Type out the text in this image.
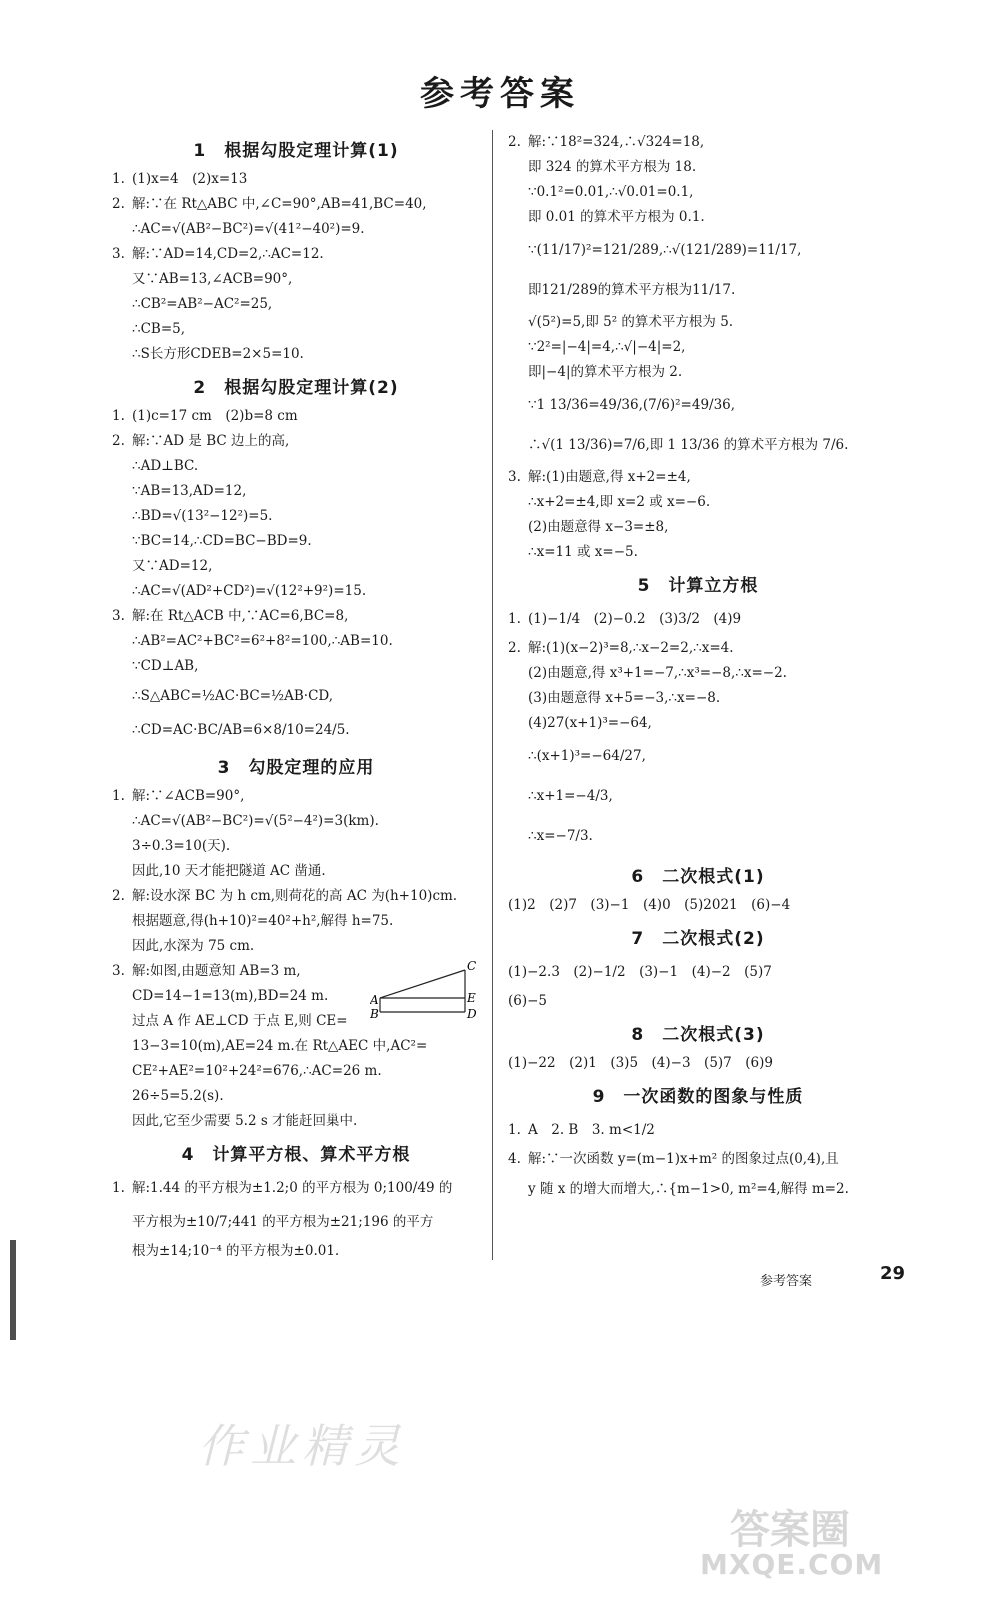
参考答案
1　根据勾股定理计算(1)
1. (1)x=4　(2)x=13
2. 解:∵在 Rt△ABC 中,∠C=90°,AB=41,BC=40,
∴AC=√(AB²−BC²)=√(41²−40²)=9.
3. 解:∵AD=14,CD=2,∴AC=12.
又∵AB=13,∠ACB=90°,
∴CB²=AB²−AC²=25,
∴CB=5,
∴S长方形CDEB=2×5=10.
2　根据勾股定理计算(2)
1. (1)c=17 cm　(2)b=8 cm
2. 解:∵AD 是 BC 边上的高,
∴AD⊥BC.
∵AB=13,AD=12,
∴BD=√(13²−12²)=5.
∵BC=14,∴CD=BC−BD=9.
又∵AD=12,
∴AC=√(AD²+CD²)=√(12²+9²)=15.
3. 解:在 Rt△ACB 中,∵AC=6,BC=8,
∴AB²=AC²+BC²=6²+8²=100,∴AB=10.
∵CD⊥AB,
∴S△ABC=½AC·BC=½AB·CD,
∴CD=AC·BC/AB=6×8/10=24/5.
3　勾股定理的应用
1. 解:∵∠ACB=90°,
∴AC=√(AB²−BC²)=√(5²−4²)=3(km).
3÷0.3=10(天).
因此,10 天才能把隧道 AC 凿通.
2. 解:设水深 BC 为 h cm,则荷花的高 AC 为(h+10)cm.
根据题意,得(h+10)²=40²+h²,解得 h=75.
因此,水深为 75 cm.
3. 解:如图,由题意知 AB=3 m,
CD=14−1=13(m),BD=24 m.
过点 A 作 AE⊥CD 于点 E,则 CE=
13−3=10(m),AE=24 m.在 Rt△AEC 中,AC²=
CE²+AE²=10²+24²=676,∴AC=26 m.
26÷5=5.2(s).
因此,它至少需要 5.2 s 才能赶回巢中.
4　计算平方根、算术平方根
1. 解:1.44 的平方根为±1.2;0 的平方根为 0;100/49 的
平方根为±10/7;441 的平方根为±21;196 的平方
根为±14;10⁻⁴ 的平方根为±0.01.
2. 解:∵18²=324,∴√324=18,
即 324 的算术平方根为 18.
∵0.1²=0.01,∴√0.01=0.1,
即 0.01 的算术平方根为 0.1.
∵(11/17)²=121/289,∴√(121/289)=11/17,
即121/289的算术平方根为11/17.
√(5²)=5,即 5² 的算术平方根为 5.
∵2²=|−4|=4,∴√|−4|=2,
即|−4|的算术平方根为 2.
∵1 13/36=49/36,(7/6)²=49/36,
∴√(1 13/36)=7/6,即 1 13/36 的算术平方根为 7/6.
3. 解:(1)由题意,得 x+2=±4,
∴x+2=±4,即 x=2 或 x=−6.
(2)由题意得 x−3=±8,
∴x=11 或 x=−5.
5　计算立方根
1. (1)−1/4　(2)−0.2　(3)3/2　(4)9
2. 解:(1)(x−2)³=8,∴x−2=2,∴x=4.
(2)由题意,得 x³+1=−7,∴x³=−8,∴x=−2.
(3)由题意得 x+5=−3,∴x=−8.
(4)27(x+1)³=−64,
∴(x+1)³=−64/27,
∴x+1=−4/3,
∴x=−7/3.
6　二次根式(1)
(1)2　(2)7　(3)−1　(4)0　(5)2021　(6)−4
7　二次根式(2)
(1)−2.3　(2)−1/2　(3)−1　(4)−2　(5)7
(6)−5
8　二次根式(3)
(1)−22　(2)1　(3)5　(4)−3　(5)7　(6)9
9　一次函数的图象与性质
1. A　2. B　3. m<1/2
4. 解:∵一次函数 y=(m−1)x+m² 的图象过点(0,4),且
y 随 x 的增大而增大,∴{m−1>0, m²=4,解得 m=2.
A
B
C
D
E
参考答案	29
作业精灵
答案圈
MXQE.COM
